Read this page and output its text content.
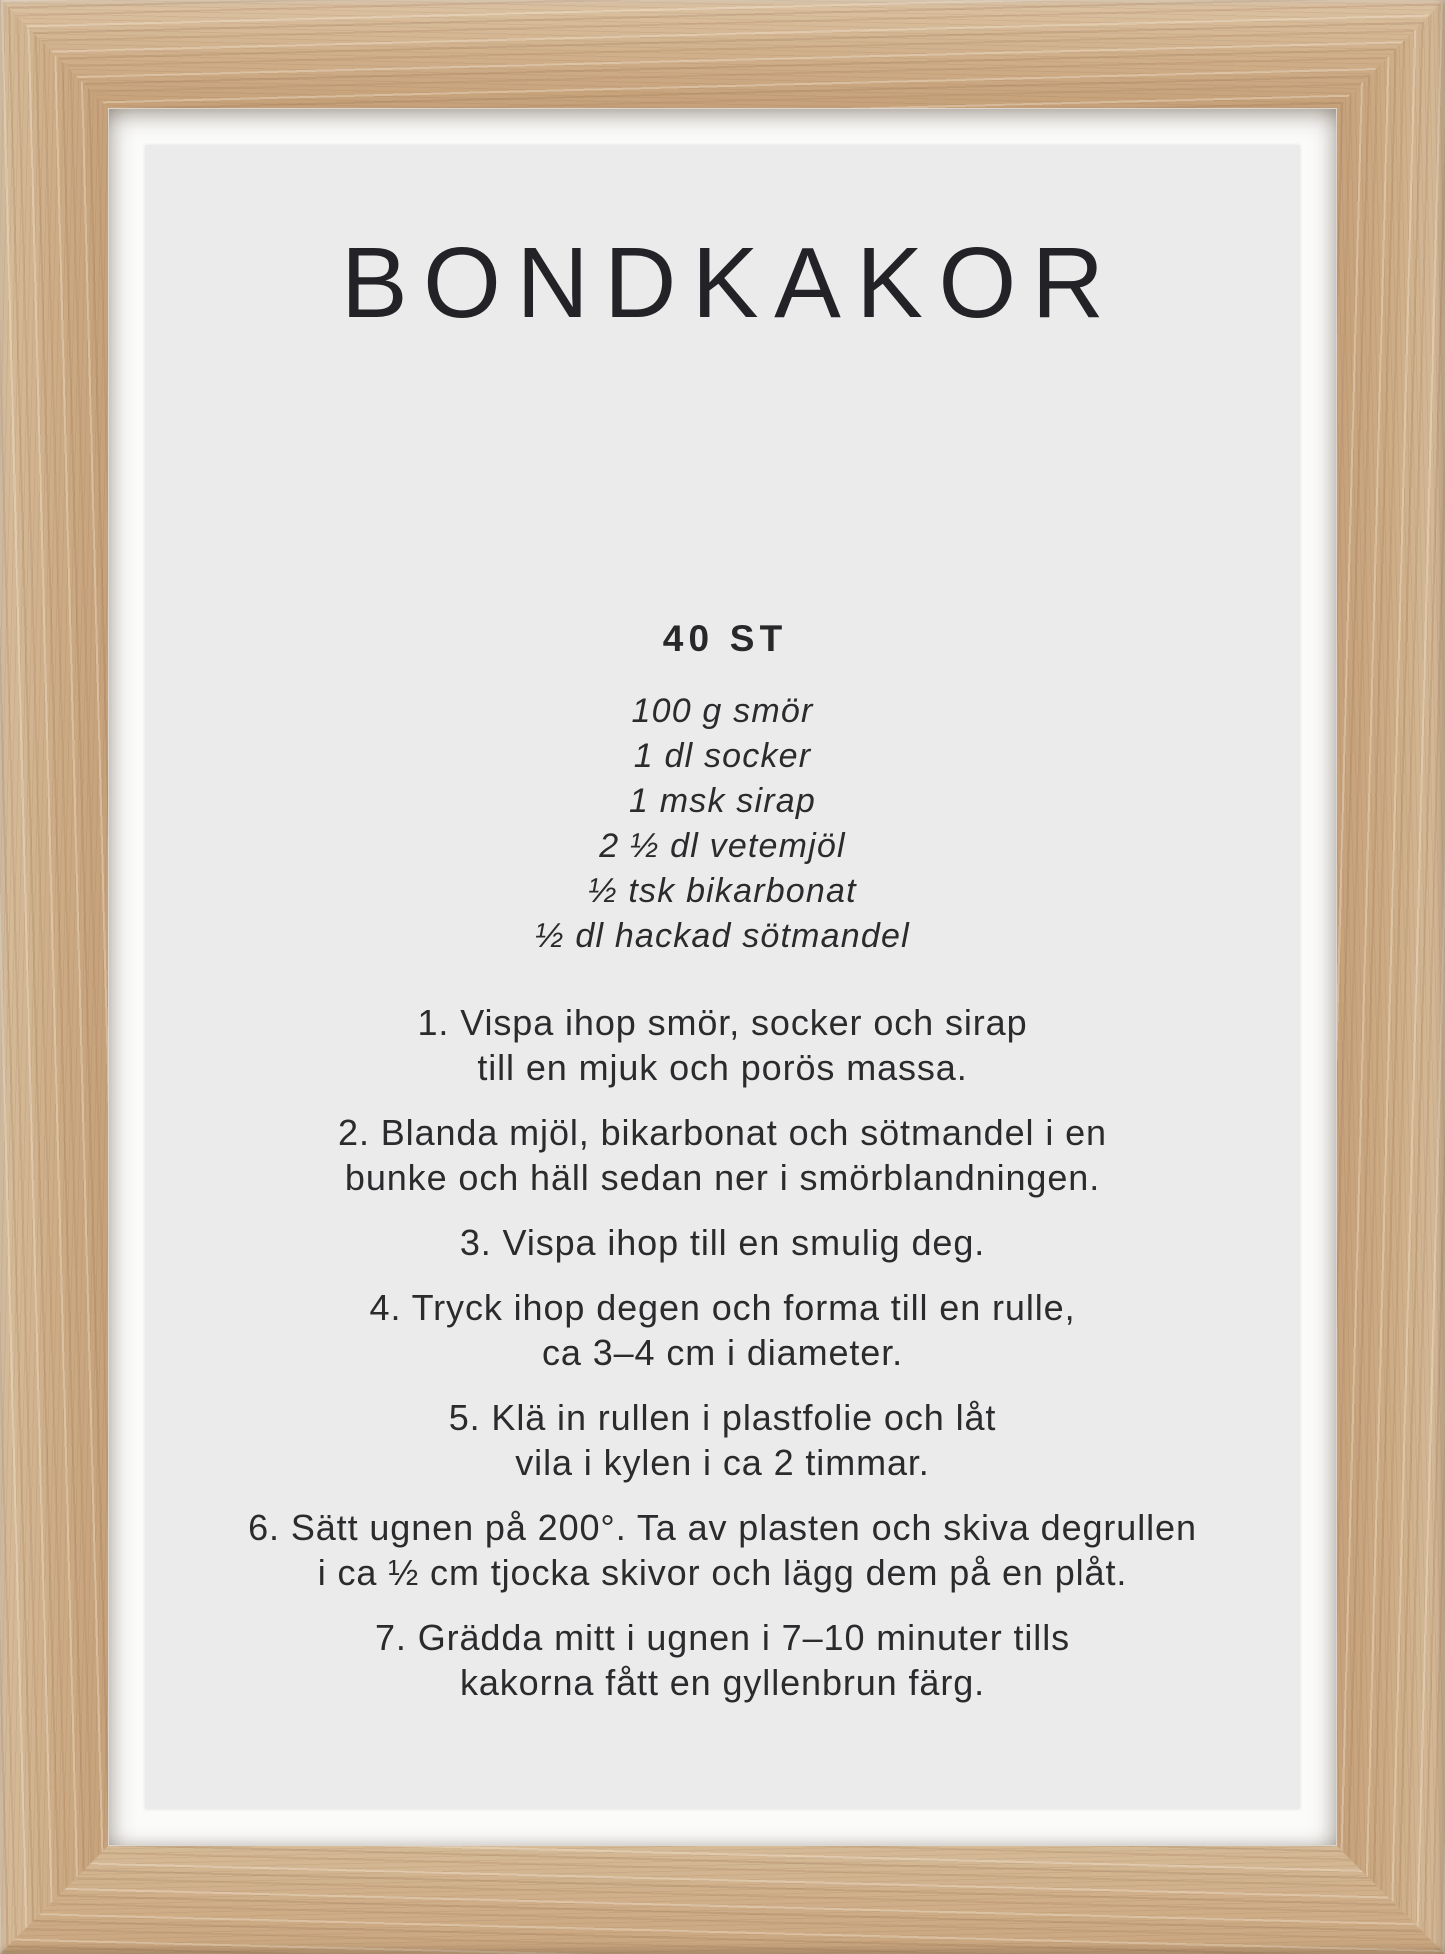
BONDKAKOR
40 ST
100 g smör
1 dl socker
1 msk sirap
2 ½ dl vetemjöl
½ tsk bikarbonat
½ dl hackad sötmandel

1. Vispa ihop smör, socker och sirap
till en mjuk och porös massa.

2. Blanda mjöl, bikarbonat och sötmandel i en
bunke och häll sedan ner i smörblandningen.

3. Vispa ihop till en smulig deg.

4. Tryck ihop degen och forma till en rulle,
ca 3–4 cm i diameter.

5. Klä in rullen i plastfolie och låt
vila i kylen i ca 2 timmar.

6. Sätt ugnen på 200°. Ta av plasten och skiva degrullen
i ca ½ cm tjocka skivor och lägg dem på en plåt.

7. Grädda mitt i ugnen i 7–10 minuter tills
kakorna fått en gyllenbrun färg.
